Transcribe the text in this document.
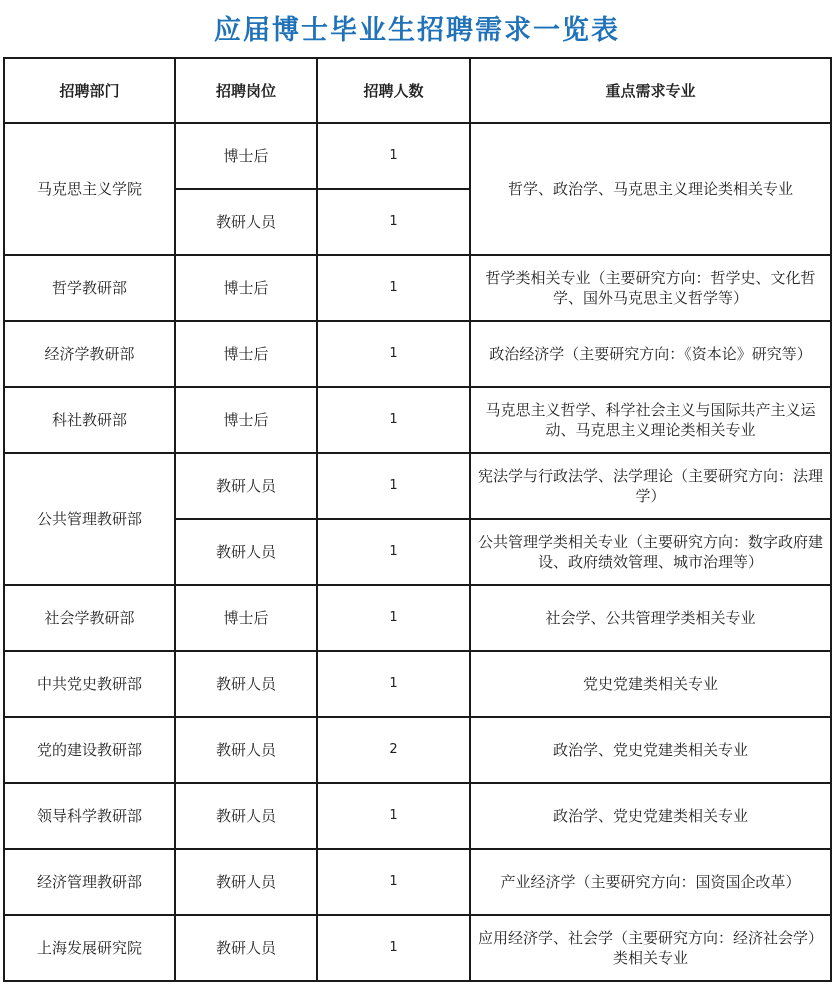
应届博士毕业生招聘需求一览表
招聘部门	招聘岗位	招聘人数	重点需求专业
马克思主义学院	博士后	1	哲学、政治学、马克思主义理论类相关专业
	教研人员	1	
哲学教研部	博士后	1	哲学类相关专业（主要研究方向：哲学史、文化哲学、国外马克思主义哲学等）
经济学教研部	博士后	1	政治经济学（主要研究方向：《资本论》研究等）
科社教研部	博士后	1	马克思主义哲学、科学社会主义与国际共产主义运动、马克思主义理论类相关专业
公共管理教研部	教研人员	1	宪法学与行政法学、法学理论（主要研究方向：法理学）
	教研人员	1	公共管理学类相关专业（主要研究方向：数字政府建设、政府绩效管理、城市治理等）
社会学教研部	博士后	1	社会学、公共管理学类相关专业
中共党史教研部	教研人员	1	党史党建类相关专业
党的建设教研部	教研人员	2	政治学、党史党建类相关专业
领导科学教研部	教研人员	1	政治学、党史党建类相关专业
经济管理教研部	教研人员	1	产业经济学（主要研究方向：国资国企改革）
上海发展研究院	教研人员	1	应用经济学、社会学（主要研究方向：经济社会学）类相关专业
